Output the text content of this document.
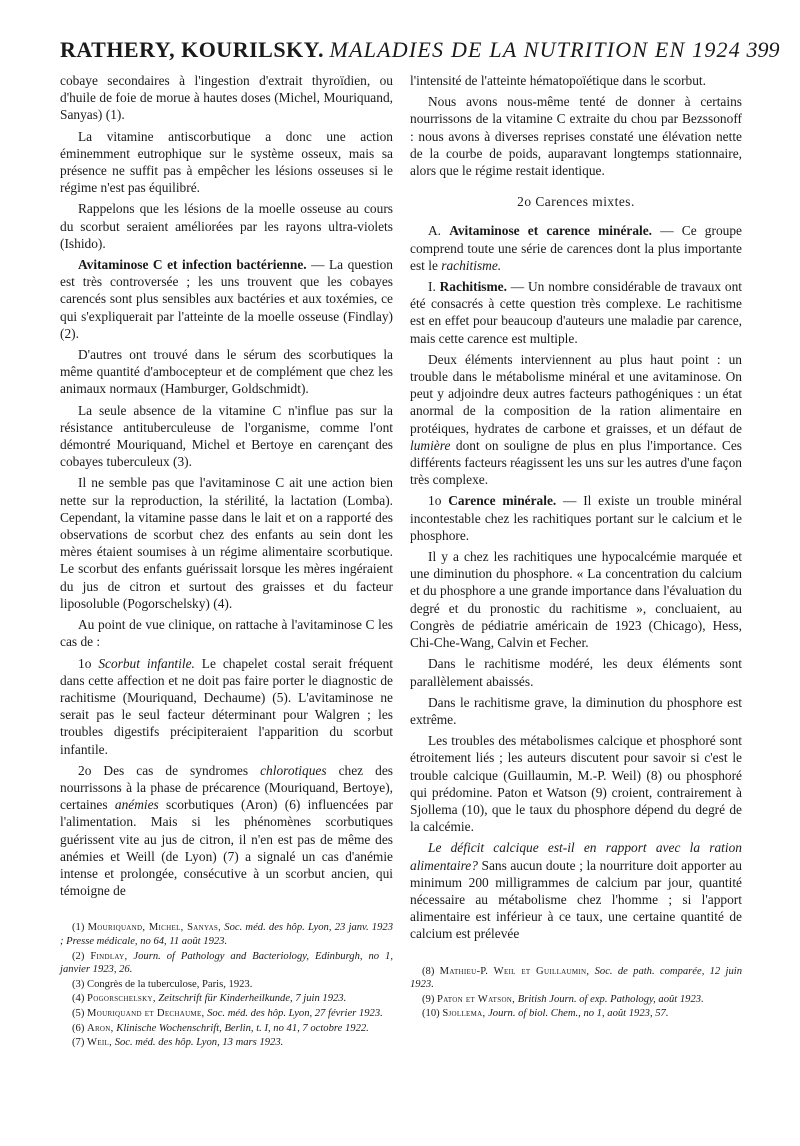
RATHERY, KOURILSKY. MALADIES DE LA NUTRITION EN 1924 399

cobaye secondaires à l'ingestion d'extrait thyroïdien, ou d'huile de foie de morue à hautes doses (Michel, Mouriquand, Sanyas) (1).

La vitamine antiscorbutique a donc une action éminemment eutrophique sur le système osseux, mais sa présence ne suffit pas à empêcher les lésions osseuses si le régime n'est pas équilibré.

Rappelons que les lésions de la moelle osseuse au cours du scorbut seraient améliorées par les rayons ultra-violets (Ishido).

Avitaminose C et infection bactérienne. — La question est très controversée ; les uns trouvent que les cobayes carencés sont plus sensibles aux bactéries et aux toxémies, ce qui s'expliquerait par l'atteinte de la moelle osseuse (Findlay) (2).

D'autres ont trouvé dans le sérum des scorbutiques la même quantité d'ambocepteur et de complément que chez les animaux normaux (Hamburger, Goldschmidt).

La seule absence de la vitamine C n'influe pas sur la résistance antituberculeuse de l'organisme, comme l'ont démontré Mouriquand, Michel et Bertoye en carençant des cobayes tuberculeux (3).

Il ne semble pas que l'avitaminose C ait une action bien nette sur la reproduction, la stérilité, la lactation (Lomba). Cependant, la vitamine passe dans le lait et on a rapporté des observations de scorbut chez des enfants au sein dont les mères étaient soumises à un régime alimentaire scorbutique. Le scorbut des enfants guérissait lorsque les mères ingéraient du jus de citron et surtout des graisses et du facteur liposoluble (Pogorschelsky) (4).

Au point de vue clinique, on rattache à l'avitaminose C les cas de :

1o Scorbut infantile. Le chapelet costal serait fréquent dans cette affection et ne doit pas faire porter le diagnostic de rachitisme (Mouriquand, Dechaume) (5). L'avitaminose ne serait pas le seul facteur déterminant pour Walgren ; les troubles digestifs précipiteraient l'apparition du scorbut infantile.

2o Des cas de syndromes chlorotiques chez des nourrissons à la phase de précarence (Mouriquand, Bertoye), certaines anémies scorbutiques (Aron) (6) influencées par l'alimentation. Mais si les phénomènes scorbutiques guérissent vite au jus de citron, il n'en est pas de même des anémies et Weill (de Lyon) (7) a signalé un cas d'anémie intense et prolongée, consécutive à un scorbut ancien, qui témoigne de

(1) Mouriquand, Michel, Sanyas, Soc. méd. des hôp. Lyon, 23 janv. 1923 ; Presse médicale, no 64, 11 août 1923.

(2) Findlay, Journ. of Pathology and Bacteriology, Edinburgh, no 1, janvier 1923, 26.

(3) Congrès de la tuberculose, Paris, 1923.

(4) Pogorschelsky, Zeitschrift für Kinderheilkunde, 7 juin 1923.

(5) Mouriquand et Dechaume, Soc. méd. des hôp. Lyon, 27 février 1923.

(6) Aron, Klinische Wochenschrift, Berlin, t. I, no 41, 7 octobre 1922.

(7) Weil, Soc. méd. des hôp. Lyon, 13 mars 1923.

l'intensité de l'atteinte hématopoïétique dans le scorbut.

Nous avons nous-même tenté de donner à certains nourrissons de la vitamine C extraite du chou par Bezssonoff : nous avons à diverses reprises constaté une élévation nette de la courbe de poids, auparavant longtemps stationnaire, alors que le régime restait identique.

2o Carences mixtes.

A. Avitaminose et carence minérale. — Ce groupe comprend toute une série de carences dont la plus importante est le rachitisme.

I. Rachitisme. — Un nombre considérable de travaux ont été consacrés à cette question très complexe. Le rachitisme est en effet pour beaucoup d'auteurs une maladie par carence, mais cette carence est multiple.

Deux éléments interviennent au plus haut point : un trouble dans le métabolisme minéral et une avitaminose. On peut y adjoindre deux autres facteurs pathogéniques : un état anormal de la composition de la ration alimentaire en protéiques, hydrates de carbone et graisses, et un défaut de lumière dont on souligne de plus en plus l'importance. Ces différents facteurs réagissent les uns sur les autres d'une façon très complexe.

1o Carence minérale. — Il existe un trouble minéral incontestable chez les rachitiques portant sur le calcium et le phosphore.

Il y a chez les rachitiques une hypocalcémie marquée et une diminution du phosphore. « La concentration du calcium et du phosphore a une grande importance dans l'évaluation du degré et du pronostic du rachitisme », concluaient, au Congrès de pédiatrie américain de 1923 (Chicago), Hess, Chi-Che-Wang, Calvin et Fecher.

Dans le rachitisme modéré, les deux éléments sont parallèlement abaissés.

Dans le rachitisme grave, la diminution du phosphore est extrême.

Les troubles des métabolismes calcique et phosphoré sont étroitement liés ; les auteurs discutent pour savoir si c'est le trouble calcique (Guillaumin, M.-P. Weil) (8) ou phosphoré qui prédomine. Paton et Watson (9) croient, contrairement à Sjollema (10), que le taux du phosphore dépend du degré de la calcémie.

Le déficit calcique est-il en rapport avec la ration alimentaire? Sans aucun doute ; la nourriture doit apporter au minimum 200 milligrammes de calcium par jour, quantité nécessaire au métabolisme chez l'homme ; si l'apport alimentaire est inférieur à ce taux, une certaine quantité de calcium est prélevée

(8) Mathieu-P. Weil et Guillaumin, Soc. de path. comparée, 12 juin 1923.

(9) Paton et Watson, British Journ. of exp. Pathology, août 1923.

(10) Sjollema, Journ. of biol. Chem., no 1, août 1923, 57.
